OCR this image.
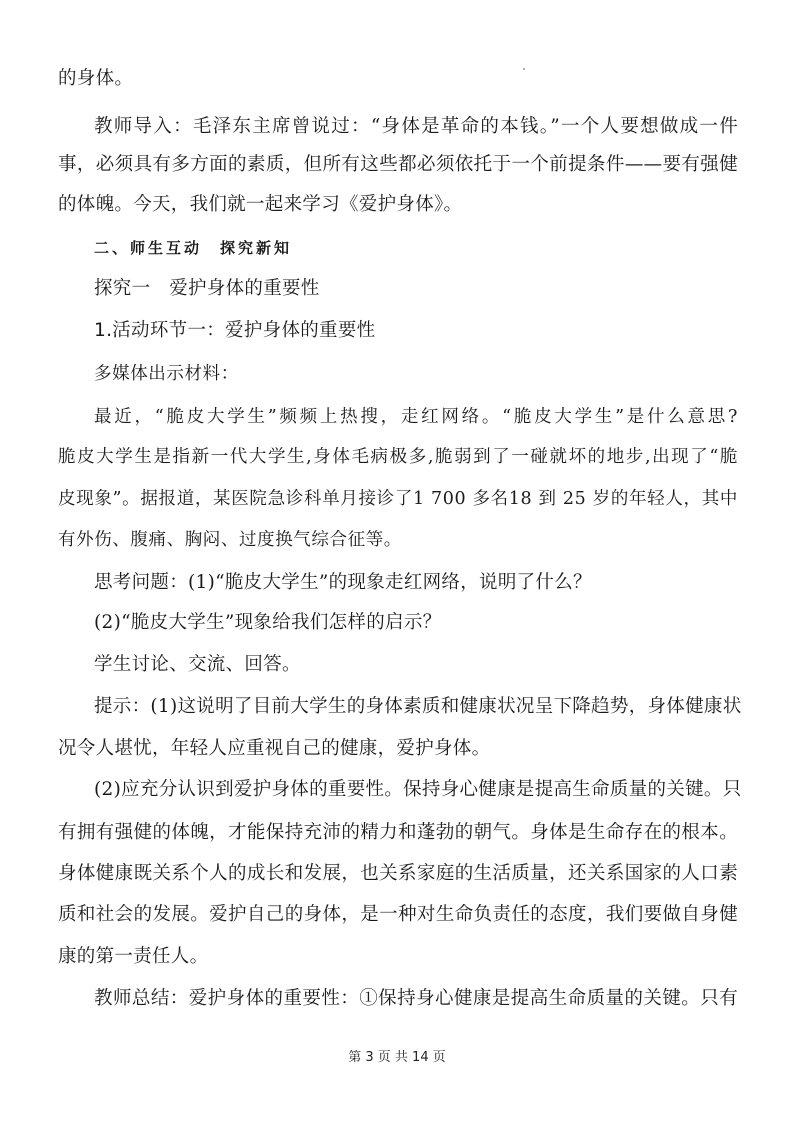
的身体。
教师导入：毛泽东主席曾说过：“身体是革命的本钱。”一个人要想做成一件
事，必须具有多方面的素质，但所有这些都必须依托于一个前提条件——要有强健
的体魄。今天，我们就一起来学习《爱护身体》。
二、师生互动　探究新知
探究一　爱护身体的重要性
1.活动环节一：爱护身体的重要性
多媒体出示材料：
最近，“脆皮大学生”频频上热搜，走红网络。“脆皮大学生”是什么意思?
脆皮大学生是指新一代大学生,身体毛病极多,脆弱到了一碰就坏的地步,出现了“脆
皮现象”。据报道，某医院急诊科单月接诊了1 700 多名18 到 25 岁的年轻人，其中
有外伤、腹痛、胸闷、过度换气综合征等。
思考问题：(1)“脆皮大学生”的现象走红网络，说明了什么？
(2)“脆皮大学生”现象给我们怎样的启示？
学生讨论、交流、回答。
提示：(1)这说明了目前大学生的身体素质和健康状况呈下降趋势，身体健康状
况令人堪忧，年轻人应重视自己的健康，爱护身体。
(2)应充分认识到爱护身体的重要性。保持身心健康是提高生命质量的关键。只
有拥有强健的体魄，才能保持充沛的精力和蓬勃的朝气。身体是生命存在的根本。
身体健康既关系个人的成长和发展，也关系家庭的生活质量，还关系国家的人口素
质和社会的发展。爱护自己的身体，是一种对生命负责任的态度，我们要做自身健
康的第一责任人。
教师总结：爱护身体的重要性：①保持身心健康是提高生命质量的关键。只有
第 3 页 共 14 页
